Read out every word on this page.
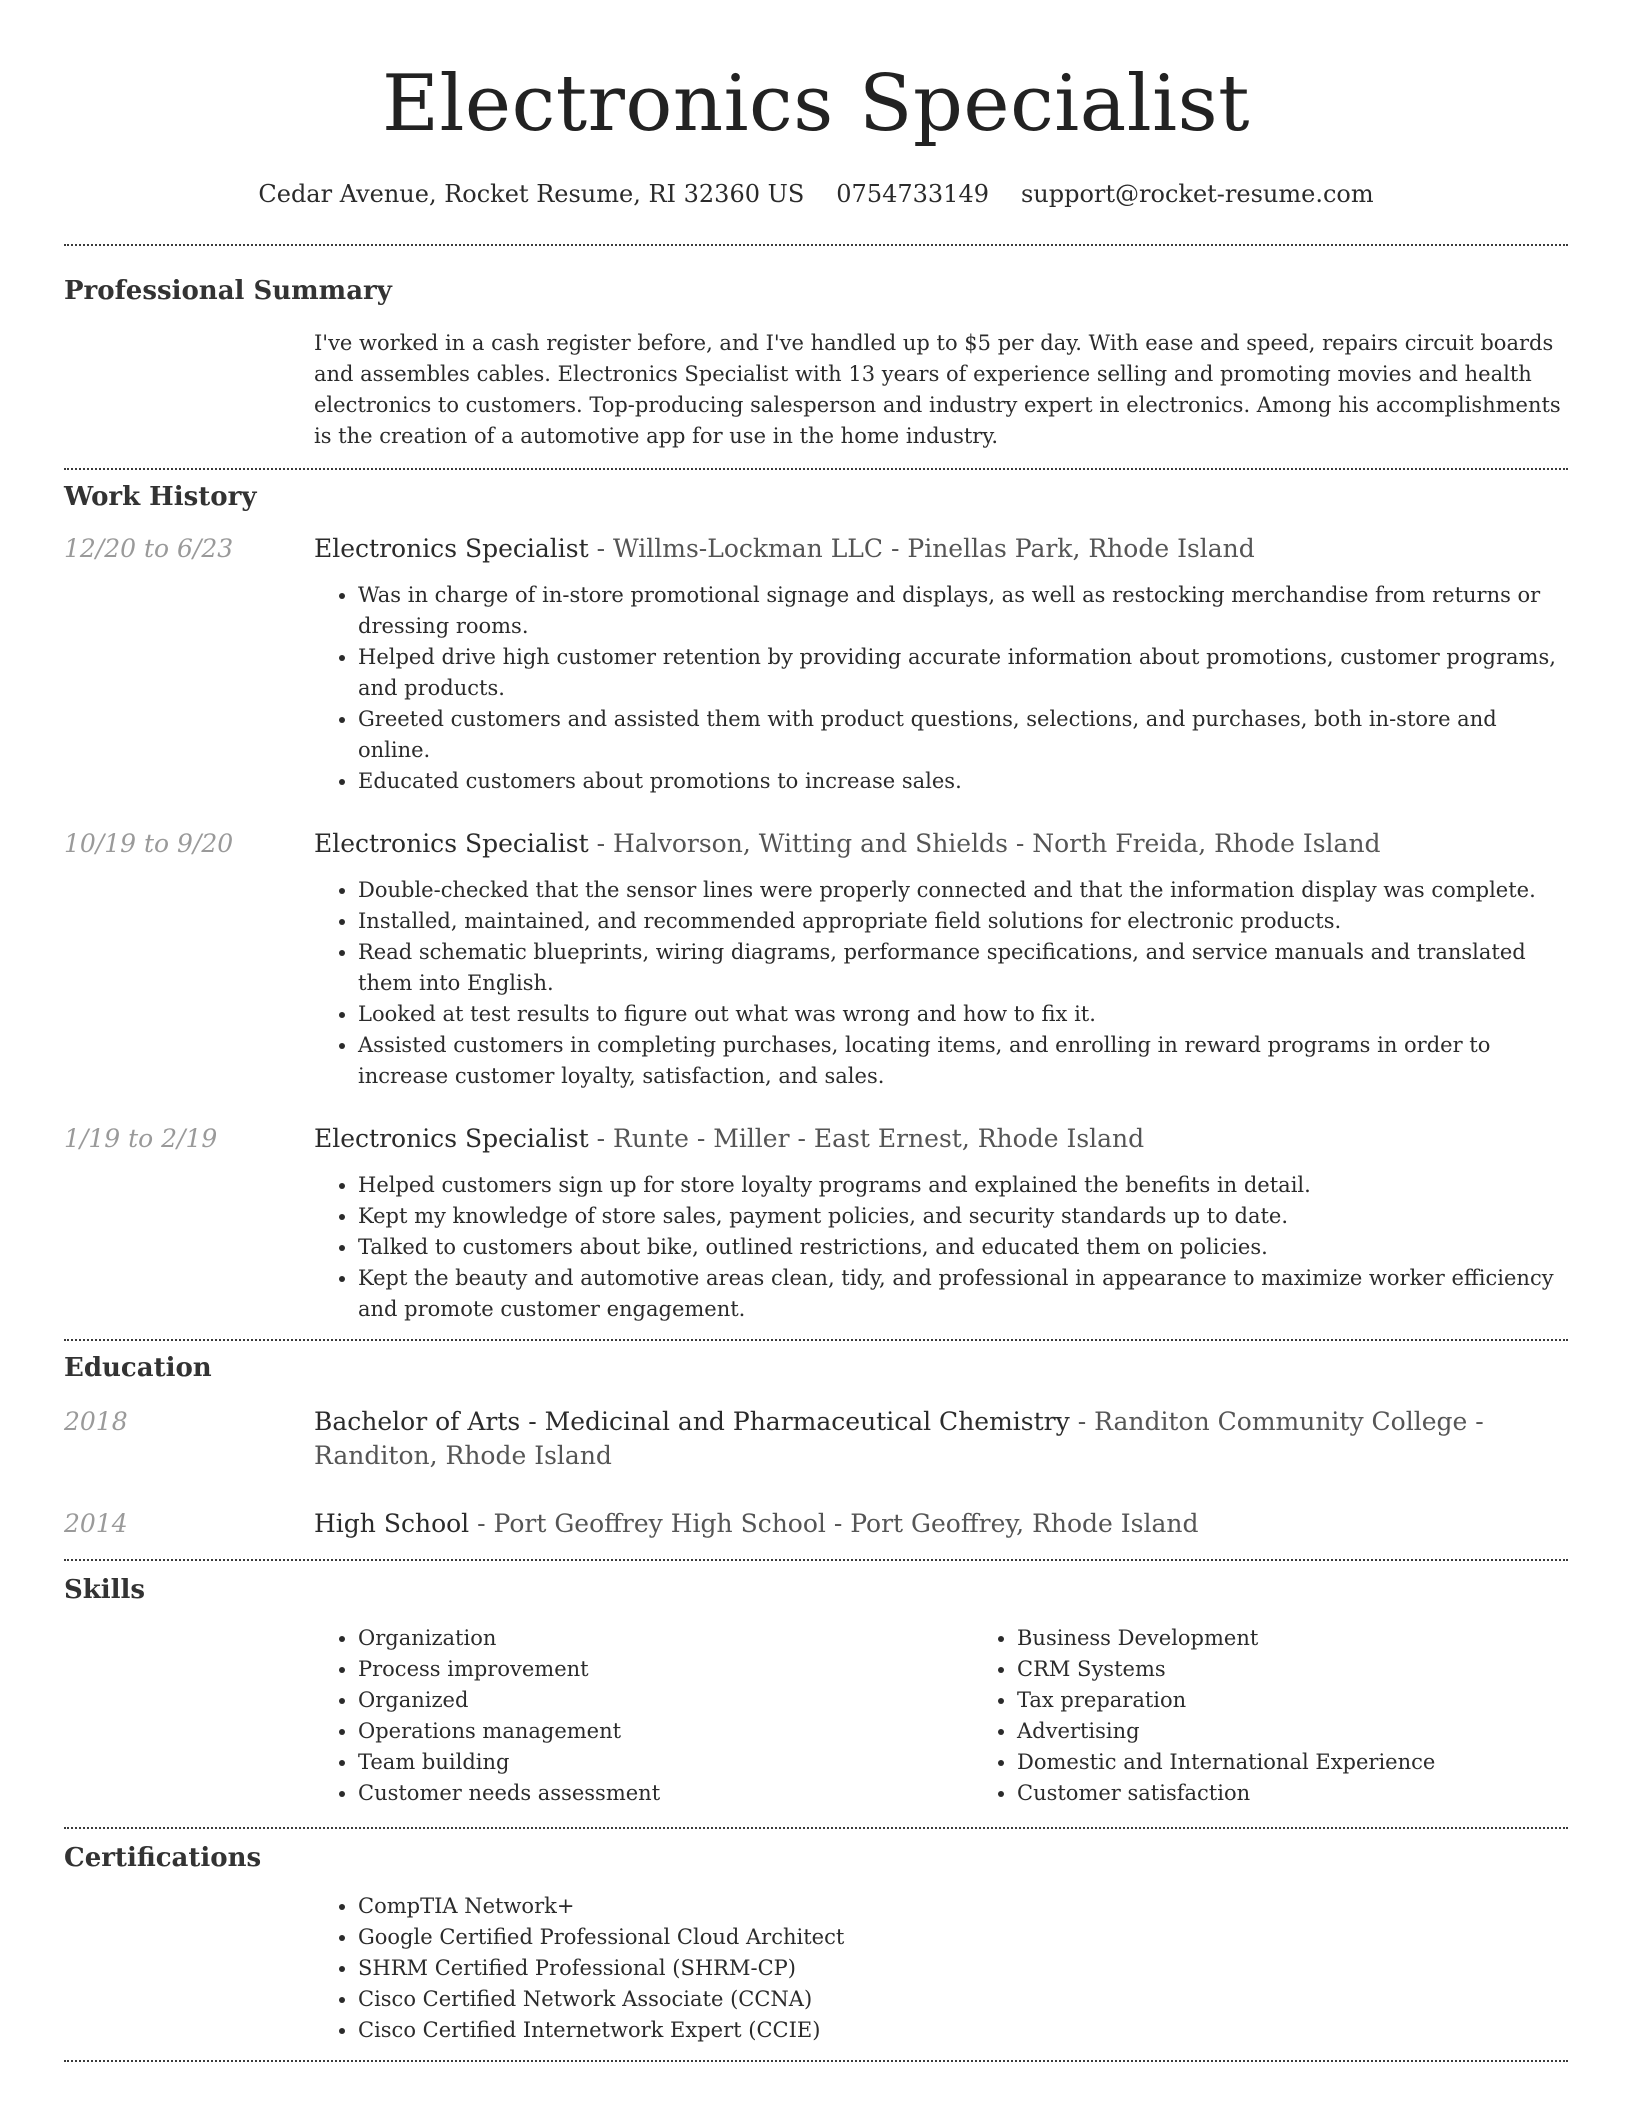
Electronics Specialist
Cedar Avenue, Rocket Resume, RI 32360 US 0754733149 support@rocket-resume.com
Professional Summary
I've worked in a cash register before, and I've handled up to $5 per day. With ease and speed, repairs circuit boards and assembles cables. Electronics Specialist with 13 years of experience selling and promoting movies and health electronics to customers. Top-producing salesperson and industry expert in electronics. Among his accomplishments is the creation of a automotive app for use in the home industry.
Work History
12/20 to 6/23	Electronics Specialist - Willms-Lockman LLC - Pinellas Park, Rhode Island
• Was in charge of in-store promotional signage and displays, as well as restocking merchandise from returns or dressing rooms.
• Helped drive high customer retention by providing accurate information about promotions, customer programs, and products.
• Greeted customers and assisted them with product questions, selections, and purchases, both in-store and online.
• Educated customers about promotions to increase sales.
10/19 to 9/20	Electronics Specialist - Halvorson, Witting and Shields - North Freida, Rhode Island
• Double-checked that the sensor lines were properly connected and that the information display was complete.
• Installed, maintained, and recommended appropriate field solutions for electronic products.
• Read schematic blueprints, wiring diagrams, performance specifications, and service manuals and translated them into English.
• Looked at test results to figure out what was wrong and how to fix it.
• Assisted customers in completing purchases, locating items, and enrolling in reward programs in order to increase customer loyalty, satisfaction, and sales.
1/19 to 2/19	Electronics Specialist - Runte - Miller - East Ernest, Rhode Island
• Helped customers sign up for store loyalty programs and explained the benefits in detail.
• Kept my knowledge of store sales, payment policies, and security standards up to date.
• Talked to customers about bike, outlined restrictions, and educated them on policies.
• Kept the beauty and automotive areas clean, tidy, and professional in appearance to maximize worker efficiency and promote customer engagement.
Education
2018	Bachelor of Arts - Medicinal and Pharmaceutical Chemistry - Randiton Community College - Randiton, Rhode Island
2014	High School - Port Geoffrey High School - Port Geoffrey, Rhode Island
Skills
• Organization
• Process improvement
• Organized
• Operations management
• Team building
• Customer needs assessment
• Business Development
• CRM Systems
• Tax preparation
• Advertising
• Domestic and International Experience
• Customer satisfaction
Certifications
• CompTIA Network+
• Google Certified Professional Cloud Architect
• SHRM Certified Professional (SHRM-CP)
• Cisco Certified Network Associate (CCNA)
• Cisco Certified Internetwork Expert (CCIE)
